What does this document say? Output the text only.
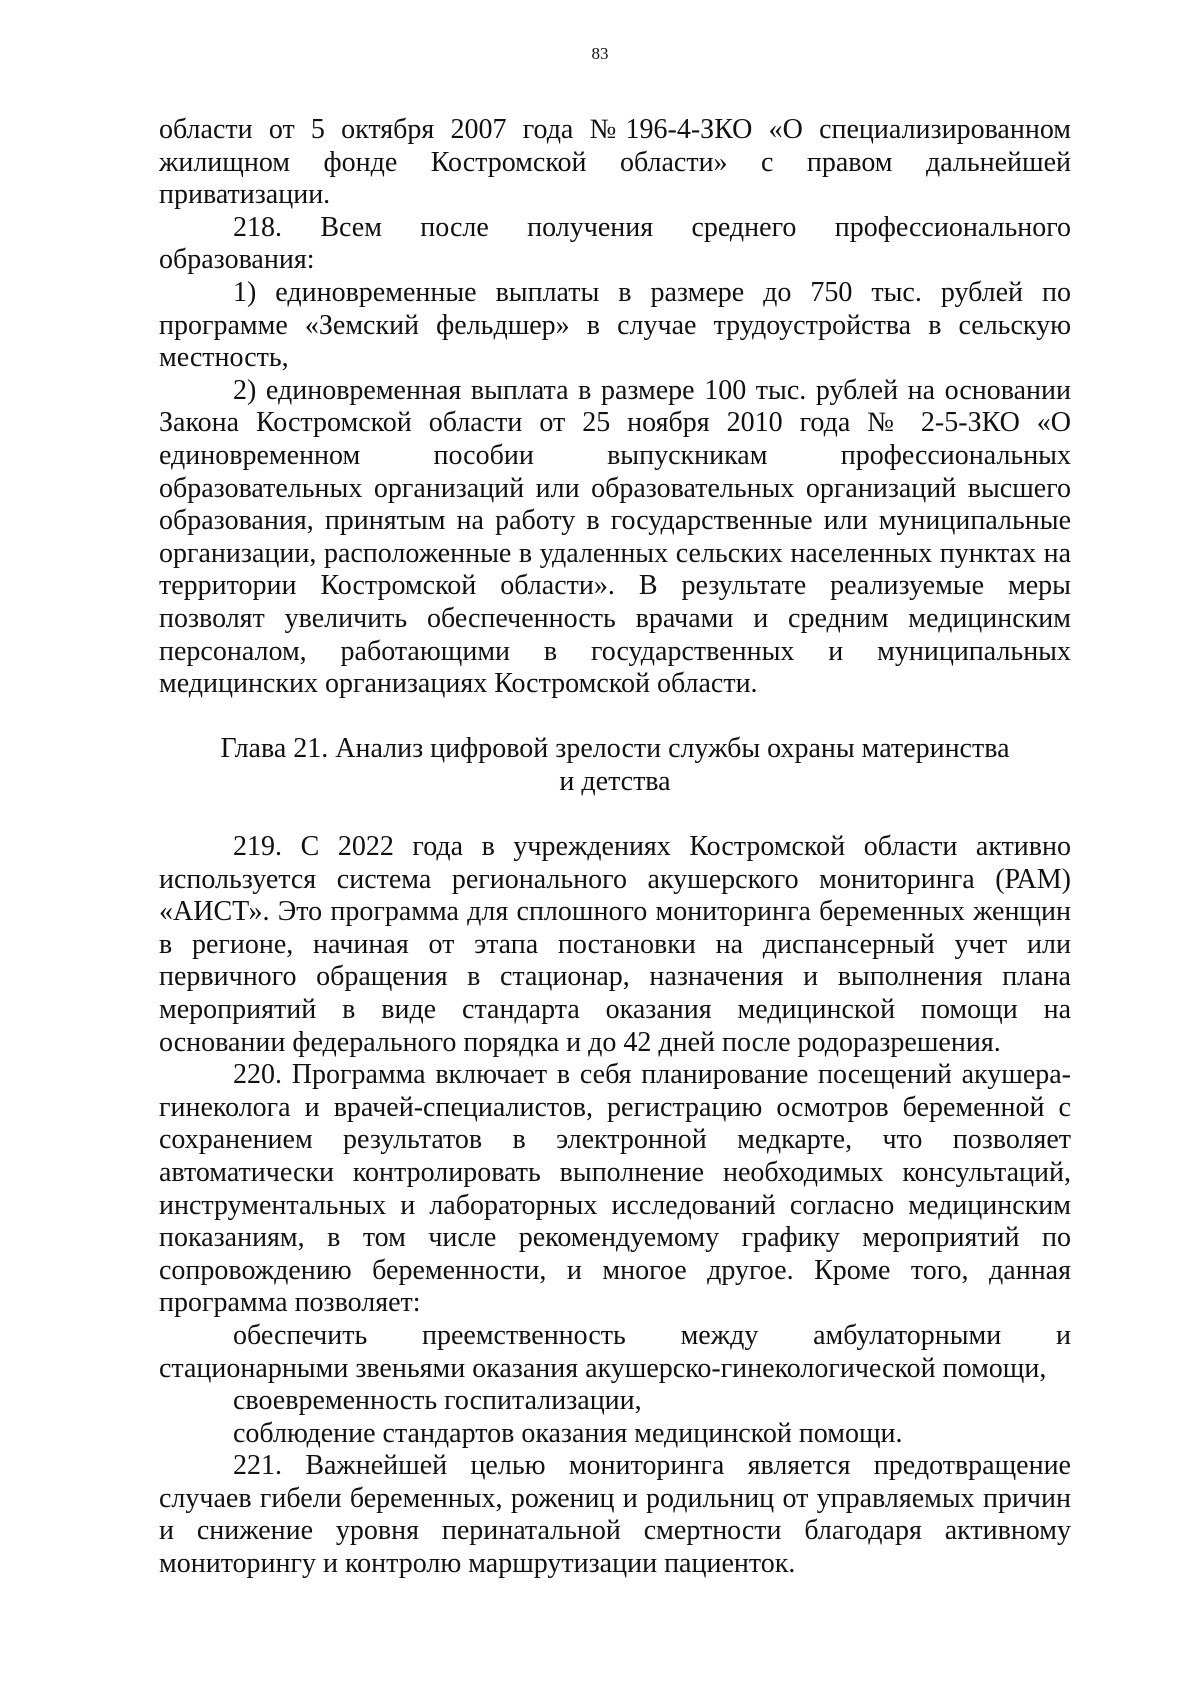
83

области от 5 октября 2007 года №196-4-ЗКО «О специализированном жилищном фонде Костромской области» с правом дальнейшей приватизации.

218. Всем после получения среднего профессионального образования:

1) единовременные выплаты в размере до 750 тыс. рублей по программе «Земский фельдшер» в случае трудоустройства в сельскую местность,

2) единовременная выплата в размере 100 тыс. рублей на основании Закона Костромской области от 25 ноября 2010 года № 2-5-ЗКО «О единовременном пособии выпускникам профессиональных образовательных организаций или образовательных организаций высшего образования, принятым на работу в государственные или муниципальные организации, расположенные в удаленных сельских населенных пунктах на территории Костромской области». В результате реализуемые меры позволят увеличить обеспеченность врачами и средним медицинским персоналом, работающими в государственных и муниципальных медицинских организациях Костромской области.

Глава 21. Анализ цифровой зрелости службы охраны материнства
и детства

219. С 2022 года в учреждениях Костромской области активно используется система регионального акушерского мониторинга (РАМ) «АИСТ». Это программа для сплошного мониторинга беременных женщин в регионе, начиная от этапа постановки на диспансерный учет или первичного обращения в стационар, назначения и выполнения плана мероприятий в виде стандарта оказания медицинской помощи на основании федерального порядка и до 42 дней после родоразрешения.

220. Программа включает в себя планирование посещений акушера-гинеколога и врачей-специалистов, регистрацию осмотров беременной с сохранением результатов в электронной медкарте, что позволяет автоматически контролировать выполнение необходимых консультаций, инструментальных и лабораторных исследований согласно медицинским показаниям, в том числе рекомендуемому графику мероприятий по сопровождению беременности, и многое другое. Кроме того, данная программа позволяет:

обеспечить преемственность между амбулаторными и стационарными звеньями оказания акушерско-гинекологической помощи,

своевременность госпитализации,

соблюдение стандартов оказания медицинской помощи.

221. Важнейшей целью мониторинга является предотвращение случаев гибели беременных, рожениц и родильниц от управляемых причин и снижение уровня перинатальной смертности благодаря активному мониторингу и контролю маршрутизации пациенток.
